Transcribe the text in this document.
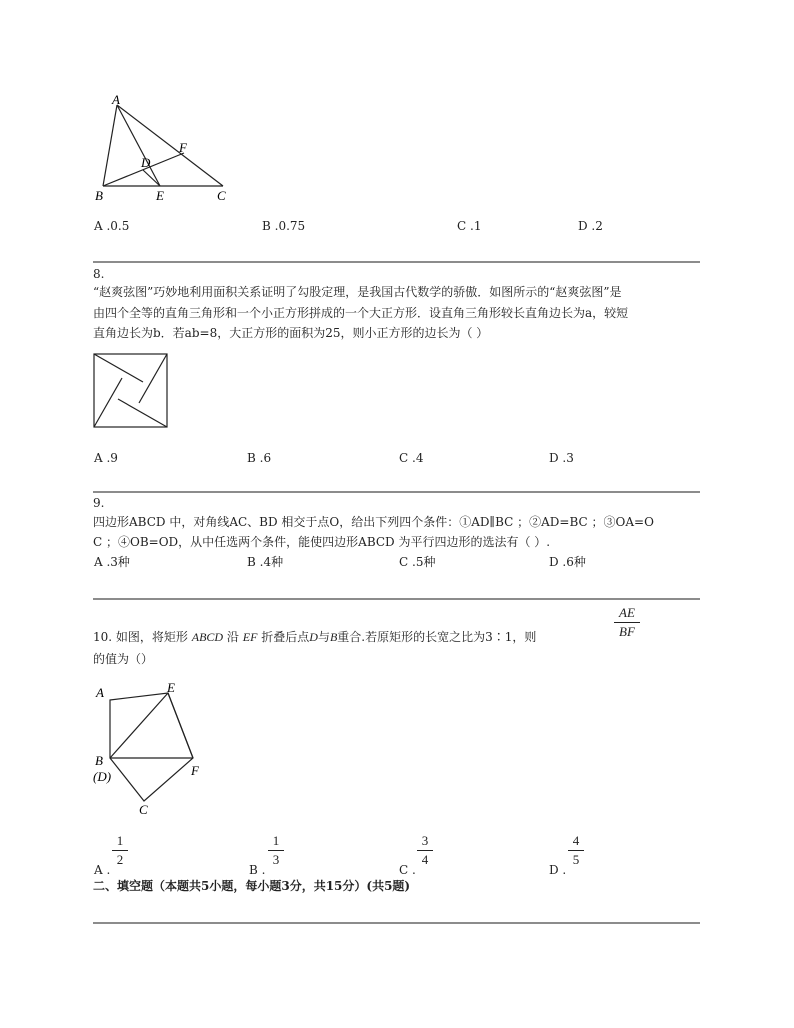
A
B	C
D
E
F
A .0.5	B .0.75	C .1	D .2
8.
“赵爽弦图”巧妙地利用面积关系证明了勾股定理，是我国古代数学的骄傲．如图所示的“赵爽弦图”是
由四个全等的直角三角形和一个小正方形拼成的一个大正方形．设直角三角形较长直角边长为a，较短
直角边长为b．若ab=8，大正方形的面积为25，则小正方形的边长为（ ）
A .9	B .6	C .4	D .3
9.
四边形ABCD 中，对角线AC、BD 相交于点O，给出下列四个条件：①AD∥BC ；②AD=BC ；③OA=O
C ；④OB=OD，从中任选两个条件，能使四边形ABCD 为平行四边形的选法有（ ）.
A .3种	B .4种	C .5种	D .6种
10. 如图，将矩形 ABCD 沿 EF 折叠后点D与B重合.若原矩形的长宽之比为3∶1，则
AE
BF
的值为（）
A	E
B
(D)	F
C
A .
1
2
B .
1
3
C .
3
4
D .
4
5
二、填空题（本题共5小题，每小题3分，共15分）(共5题)
